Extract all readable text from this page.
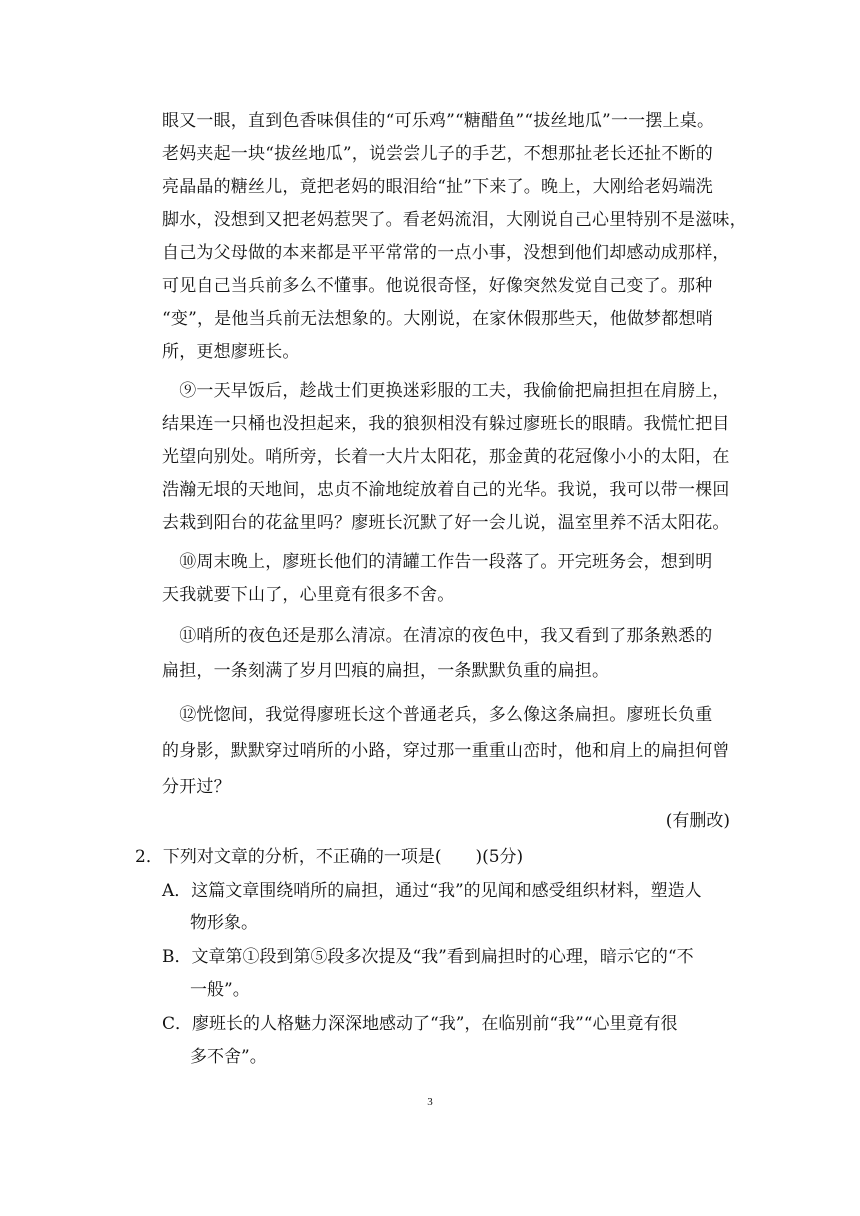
眼又一眼，直到色香味俱佳的“可乐鸡”“糖醋鱼”“拔丝地瓜”一一摆上桌。
老妈夹起一块“拔丝地瓜”，说尝尝儿子的手艺，不想那扯老长还扯不断的
亮晶晶的糖丝儿，竟把老妈的眼泪给“扯”下来了。晚上，大刚给老妈端洗
脚水，没想到又把老妈惹哭了。看老妈流泪，大刚说自己心里特别不是滋味，
自己为父母做的本来都是平平常常的一点小事，没想到他们却感动成那样，
可见自己当兵前多么不懂事。他说很奇怪，好像突然发觉自己变了。那种
“变”，是他当兵前无法想象的。大刚说，在家休假那些天，他做梦都想哨
所，更想廖班长。
　⑨一天早饭后，趁战士们更换迷彩服的工夫，我偷偷把扁担担在肩膀上，
结果连一只桶也没担起来，我的狼狈相没有躲过廖班长的眼睛。我慌忙把目
光望向别处。哨所旁，长着一大片太阳花，那金黄的花冠像小小的太阳，在
浩瀚无垠的天地间，忠贞不渝地绽放着自己的光华。我说，我可以带一棵回
去栽到阳台的花盆里吗？廖班长沉默了好一会儿说，温室里养不活太阳花。
　⑩周末晚上，廖班长他们的清罐工作告一段落了。开完班务会，想到明
天我就要下山了，心里竟有很多不舍。
　⑪哨所的夜色还是那么清凉。在清凉的夜色中，我又看到了那条熟悉的
扁担，一条刻满了岁月凹痕的扁担，一条默默负重的扁担。
　⑫恍惚间，我觉得廖班长这个普通老兵，多么像这条扁担。廖班长负重
的身影，默默穿过哨所的小路，穿过那一重重山峦时，他和肩上的扁担何曾
分开过？
(有删改)
2．下列对文章的分析，不正确的一项是(　　)(5分)
A．这篇文章围绕哨所的扁担，通过“我”的见闻和感受组织材料，塑造人
物形象。
B．文章第①段到第⑤段多次提及“我”看到扁担时的心理，暗示它的“不
一般”。
C．廖班长的人格魅力深深地感动了“我”，在临别前“我”“心里竟有很
多不舍”。
3
